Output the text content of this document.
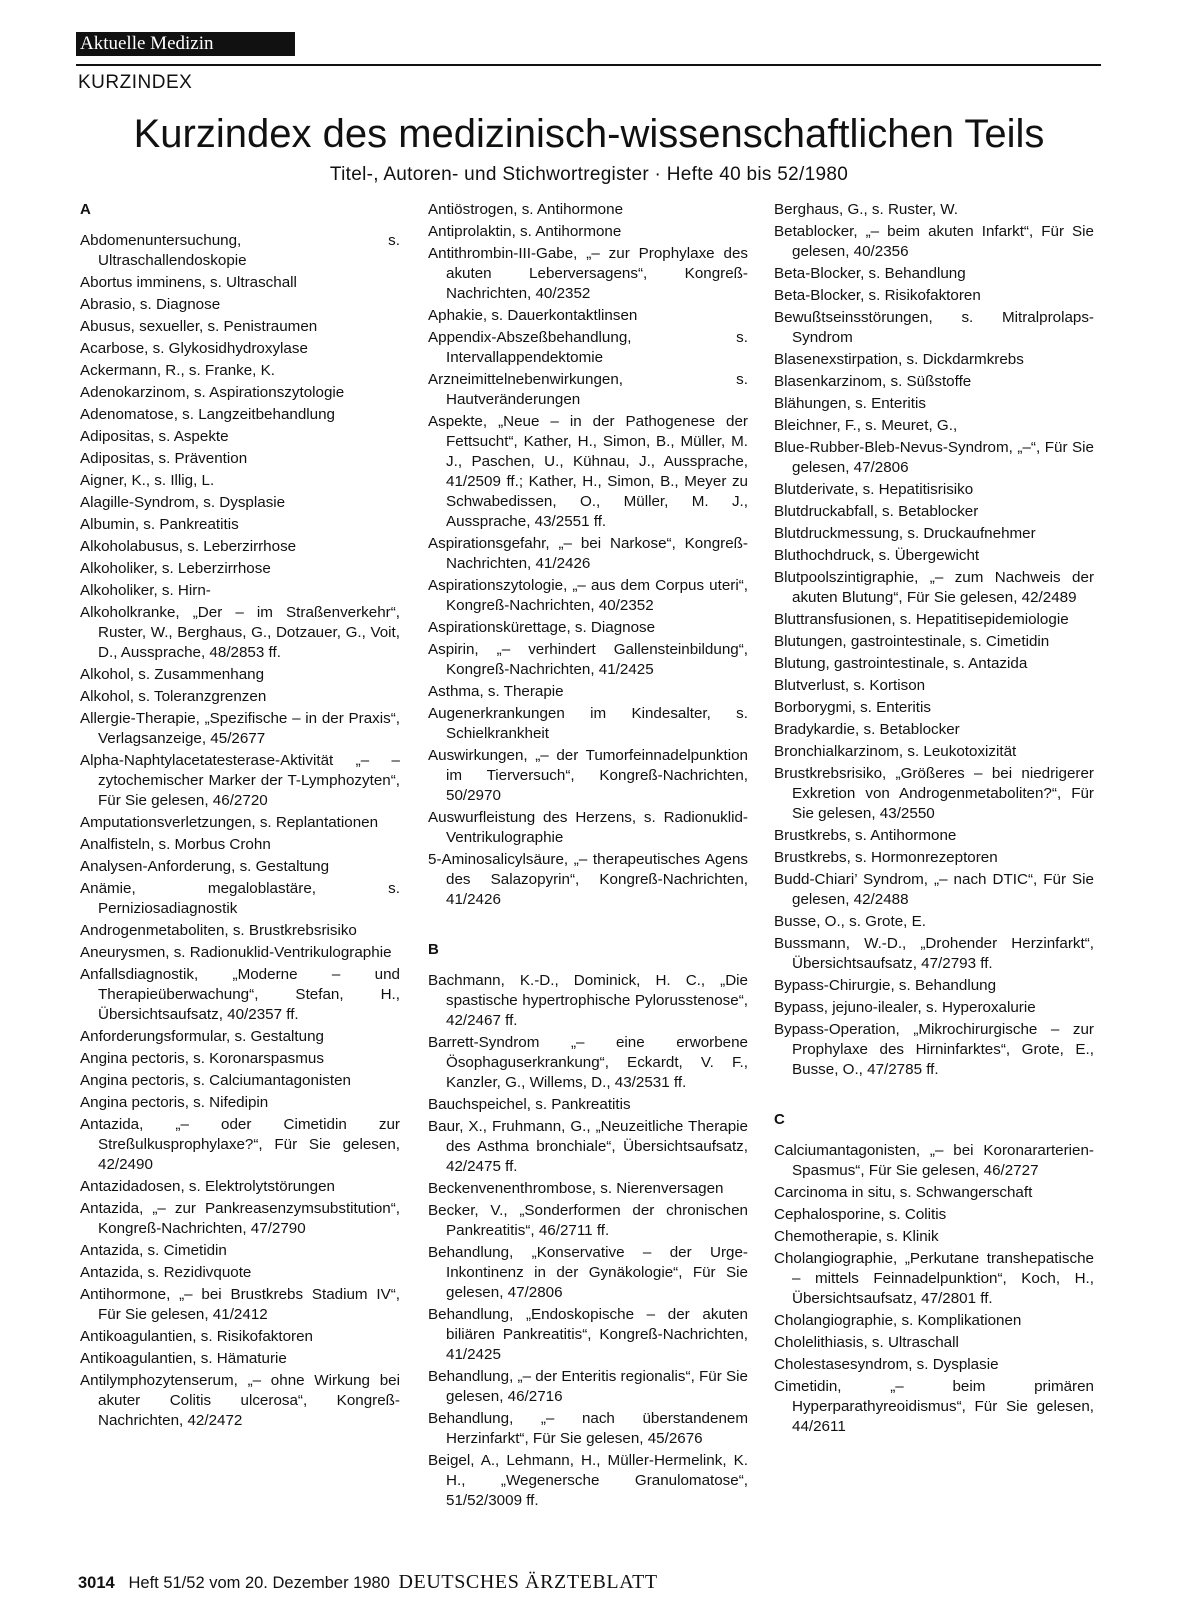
Aktuelle Medizin
KURZINDEX
Kurzindex des medizinisch-wissenschaftlichen Teils
Titel-, Autoren- und Stichwortregister · Hefte 40 bis 52/1980
A
Abdomenuntersuchung, s. Ultraschallendoskopie
Abortus imminens, s. Ultraschall
Abrasio, s. Diagnose
Abusus, sexueller, s. Penistraumen
Acarbose, s. Glykosidhydroxylase
Ackermann, R., s. Franke, K.
Adenokarzinom, s. Aspirationszytologie
Adenomatose, s. Langzeitbehandlung
Adipositas, s. Aspekte
Adipositas, s. Prävention
Aigner, K., s. Illig, L.
Alagille-Syndrom, s. Dysplasie
Albumin, s. Pankreatitis
Alkoholabusus, s. Leberzirrhose
Alkoholiker, s. Leberzirrhose
Alkoholiker, s. Hirn-
Alkoholkranke, „Der – im Straßenverkehr“, Ruster, W., Berghaus, G., Dotzauer, G., Voit, D., Aussprache, 48/2853 ff.
Alkohol, s. Zusammenhang
Alkohol, s. Toleranzgrenzen
Allergie-Therapie, „Spezifische – in der Praxis“, Verlagsanzeige, 45/2677
Alpha-Naphtylacetatesterase-Aktivität „– – zytochemischer Marker der T-Lymphozyten“, Für Sie gelesen, 46/2720
Amputationsverletzungen, s. Replantationen
Analfisteln, s. Morbus Crohn
Analysen-Anforderung, s. Gestaltung
Anämie, megaloblastäre, s. Perniziosadiagnostik
Androgenmetaboliten, s. Brustkrebsrisiko
Aneurysmen, s. Radionuklid-Ventrikulographie
Anfallsdiagnostik, „Moderne – und Therapieüberwachung“, Stefan, H., Übersichtsaufsatz, 40/2357 ff.
Anforderungsformular, s. Gestaltung
Angina pectoris, s. Koronarspasmus
Angina pectoris, s. Calciumantagonisten
Angina pectoris, s. Nifedipin
Antazida, „– oder Cimetidin zur Streßulkusprophylaxe?“, Für Sie gelesen, 42/2490
Antazidadosen, s. Elektrolytstörungen
Antazida, „– zur Pankreasenzymsubstitution“, Kongreß-Nachrichten, 47/2790
Antazida, s. Cimetidin
Antazida, s. Rezidivquote
Antihormone, „– bei Brustkrebs Stadium IV“, Für Sie gelesen, 41/2412
Antikoagulantien, s. Risikofaktoren
Antikoagulantien, s. Hämaturie
Antilymphozytenserum, „– ohne Wirkung bei akuter Colitis ulcerosa“, Kongreß-Nachrichten, 42/2472
Antiöstrogen, s. Antihormone
Antiprolaktin, s. Antihormone
Antithrombin-III-Gabe, „– zur Prophylaxe des akuten Leberversagens“, Kongreß-Nachrichten, 40/2352
Aphakie, s. Dauerkontaktlinsen
Appendix-Abszeßbehandlung, s. Intervallappendektomie
Arzneimittelnebenwirkungen, s. Hautveränderungen
Aspekte, „Neue – in der Pathogenese der Fettsucht“, Kather, H., Simon, B., Müller, M. J., Paschen, U., Kühnau, J., Aussprache, 41/2509 ff.; Kather, H., Simon, B., Meyer zu Schwabedissen, O., Müller, M. J., Aussprache, 43/2551 ff.
Aspirationsgefahr, „– bei Narkose“, Kongreß-Nachrichten, 41/2426
Aspirationszytologie, „– aus dem Corpus uteri“, Kongreß-Nachrichten, 40/2352
Aspirationskürettage, s. Diagnose
Aspirin, „– verhindert Gallensteinbildung“, Kongreß-Nachrichten, 41/2425
Asthma, s. Therapie
Augenerkrankungen im Kindesalter, s. Schielkrankheit
Auswirkungen, „– der Tumorfeinnadelpunktion im Tierversuch“, Kongreß-Nachrichten, 50/2970
Auswurfleistung des Herzens, s. Radionuklid-Ventrikulographie
5-Aminosalicylsäure, „– therapeutisches Agens des Salazopyrin“, Kongreß-Nachrichten, 41/2426
B
Bachmann, K.-D., Dominick, H. C., „Die spastische hypertrophische Pylorusstenose“, 42/2467 ff.
Barrett-Syndrom „– eine erworbene Ösophaguserkrankung“, Eckardt, V. F., Kanzler, G., Willems, D., 43/2531 ff.
Bauchspeichel, s. Pankreatitis
Baur, X., Fruhmann, G., „Neuzeitliche Therapie des Asthma bronchiale“, Übersichtsaufsatz, 42/2475 ff.
Beckenvenenthrombose, s. Nierenversagen
Becker, V., „Sonderformen der chronischen Pankreatitis“, 46/2711 ff.
Behandlung, „Konservative – der Urge-Inkontinenz in der Gynäkologie“, Für Sie gelesen, 47/2806
Behandlung, „Endoskopische – der akuten biliären Pankreatitis“, Kongreß-Nachrichten, 41/2425
Behandlung, „– der Enteritis regionalis“, Für Sie gelesen, 46/2716
Behandlung, „– nach überstandenem Herzinfarkt“, Für Sie gelesen, 45/2676
Beigel, A., Lehmann, H., Müller-Hermelink, K. H., „Wegenersche Granulomatose“, 51/52/3009 ff.
Berghaus, G., s. Ruster, W.
Betablocker, „– beim akuten Infarkt“, Für Sie gelesen, 40/2356
Beta-Blocker, s. Behandlung
Beta-Blocker, s. Risikofaktoren
Bewußtseinsstörungen, s. Mitralprolaps-Syndrom
Blasenexstirpation, s. Dickdarmkrebs
Blasenkarzinom, s. Süßstoffe
Blähungen, s. Enteritis
Bleichner, F., s. Meuret, G.,
Blue-Rubber-Bleb-Nevus-Syndrom, „–“, Für Sie gelesen, 47/2806
Blutderivate, s. Hepatitisrisiko
Blutdruckabfall, s. Betablocker
Blutdruckmessung, s. Druckaufnehmer
Bluthochdruck, s. Übergewicht
Blutpoolszintigraphie, „– zum Nachweis der akuten Blutung“, Für Sie gelesen, 42/2489
Bluttransfusionen, s. Hepatitisepidemiologie
Blutungen, gastrointestinale, s. Cimetidin
Blutung, gastrointestinale, s. Antazida
Blutverlust, s. Kortison
Borborygmi, s. Enteritis
Bradykardie, s. Betablocker
Bronchialkarzinom, s. Leukotoxizität
Brustkrebsrisiko, „Größeres – bei niedrigerer Exkretion von Androgenmetaboliten?“, Für Sie gelesen, 43/2550
Brustkrebs, s. Antihormone
Brustkrebs, s. Hormonrezeptoren
Budd-Chiari’ Syndrom, „– nach DTIC“, Für Sie gelesen, 42/2488
Busse, O., s. Grote, E.
Bussmann, W.-D., „Drohender Herzinfarkt“, Übersichtsaufsatz, 47/2793 ff.
Bypass-Chirurgie, s. Behandlung
Bypass, jejuno-ilealer, s. Hyperoxalurie
Bypass-Operation, „Mikrochirurgische – zur Prophylaxe des Hirninfarktes“, Grote, E., Busse, O., 47/2785 ff.
C
Calciumantagonisten, „– bei Koronararterien-Spasmus“, Für Sie gelesen, 46/2727
Carcinoma in situ, s. Schwangerschaft
Cephalosporine, s. Colitis
Chemotherapie, s. Klinik
Cholangiographie, „Perkutane transhepatische – mittels Feinnadelpunktion“, Koch, H., Übersichtsaufsatz, 47/2801 ff.
Cholangiographie, s. Komplikationen
Cholelithiasis, s. Ultraschall
Cholestasesyndrom, s. Dysplasie
Cimetidin, „– beim primären Hyperparathyreoidismus“, Für Sie gelesen, 44/2611
3014 Heft 51/52 vom 20. Dezember 1980 DEUTSCHES ÄRZTEBLATT
